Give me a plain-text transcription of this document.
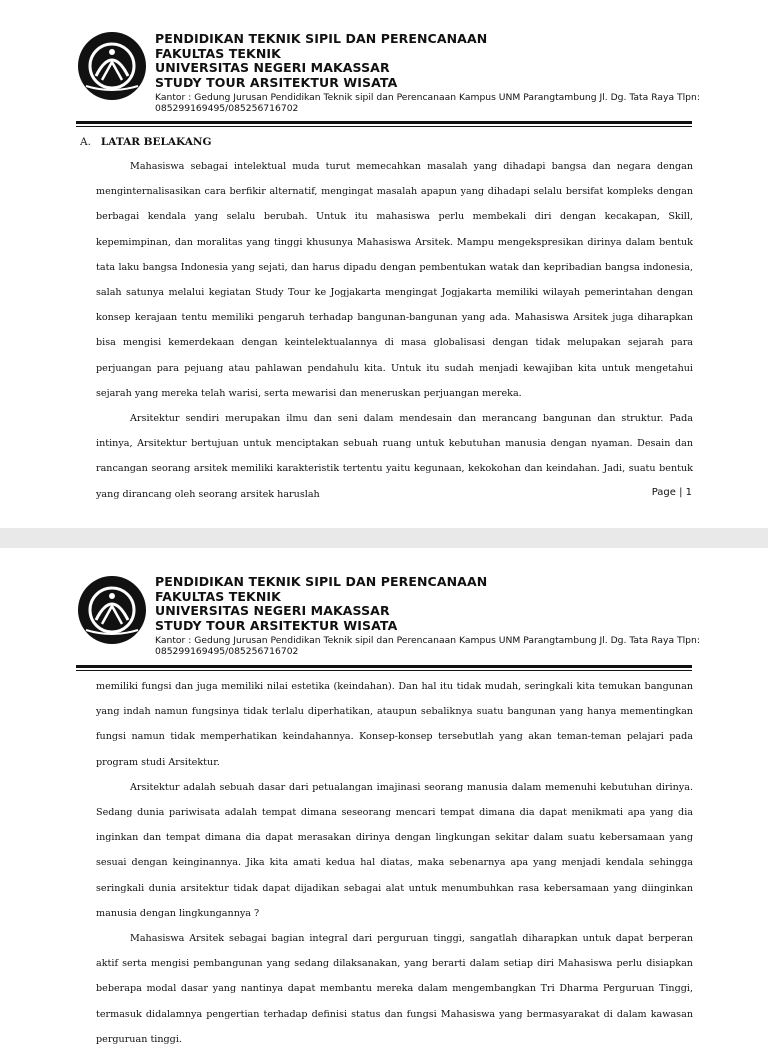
PENDIDIKAN TEKNIK SIPIL DAN PERENCANAAN
FAKULTAS TEKNIK
UNIVERSITAS NEGERI MAKASSAR
STUDY TOUR ARSITEKTUR WISATA
Kantor : Gedung Jurusan Pendidikan Teknik sipil dan Perencanaan Kampus UNM Parangtambung Jl. Dg. Tata Raya Tlpn: 085299169495/085256716702
A. LATAR BELAKANG

Mahasiswa sebagai intelektual muda turut memecahkan masalah yang dihadapi bangsa dan negara dengan menginternalisasikan cara berfikir alternatif, mengingat masalah apapun yang dihadapi selalu bersifat kompleks dengan berbagai kendala yang selalu berubah. Untuk itu mahasiswa perlu membekali diri dengan kecakapan, Skill, kepemimpinan, dan moralitas yang tinggi khusunya Mahasiswa Arsitek. Mampu mengekspresikan dirinya dalam bentuk tata laku bangsa Indonesia yang sejati, dan harus dipadu dengan pembentukan watak dan kepribadian bangsa indonesia, salah satunya melalui kegiatan Study Tour ke Jogjakarta mengingat Jogjakarta memiliki wilayah pemerintahan dengan konsep kerajaan tentu memiliki pengaruh terhadap bangunan-bangunan yang ada. Mahasiswa Arsitek juga diharapkan bisa mengisi kemerdekaan dengan keintelektualannya di masa globalisasi dengan tidak melupakan sejarah para perjuangan para pejuang atau pahlawan pendahulu kita. Untuk itu sudah menjadi kewajiban kita untuk mengetahui sejarah yang mereka telah warisi, serta mewarisi dan meneruskan perjuangan mereka.

Arsitektur sendiri merupakan ilmu dan seni dalam mendesain dan merancang bangunan dan struktur. Pada intinya, Arsitektur bertujuan untuk menciptakan sebuah ruang untuk kebutuhan manusia dengan nyaman. Desain dan rancangan seorang arsitek memiliki karakteristik tertentu yaitu kegunaan, kekokohan dan keindahan. Jadi, suatu bentuk yang dirancang oleh seorang arsitek haruslah	Page | 1
PENDIDIKAN TEKNIK SIPIL DAN PERENCANAAN
FAKULTAS TEKNIK
UNIVERSITAS NEGERI MAKASSAR
STUDY TOUR ARSITEKTUR WISATA
Kantor : Gedung Jurusan Pendidikan Teknik sipil dan Perencanaan Kampus UNM Parangtambung Jl. Dg. Tata Raya Tlpn: 085299169495/085256716702

memiliki fungsi dan juga memiliki nilai estetika (keindahan). Dan hal itu tidak mudah, seringkali kita temukan bangunan yang indah namun fungsinya tidak terlalu diperhatikan, ataupun sebaliknya suatu bangunan yang hanya mementingkan fungsi namun tidak memperhatikan keindahannya. Konsep-konsep tersebutlah yang akan teman-teman pelajari pada program studi Arsitektur.

Arsitektur adalah sebuah dasar dari petualangan imajinasi seorang manusia dalam memenuhi kebutuhan dirinya. Sedang dunia pariwisata adalah tempat dimana seseorang mencari tempat dimana dia dapat menikmati apa yang dia inginkan dan tempat dimana dia dapat merasakan dirinya dengan lingkungan sekitar dalam suatu kebersamaan yang sesuai dengan keinginannya. Jika kita amati kedua hal diatas, maka sebenarnya apa yang menjadi kendala sehingga seringkali dunia arsitektur tidak dapat dijadikan sebagai alat untuk menumbuhkan rasa kebersamaan yang diinginkan manusia dengan lingkungannya ?

Mahasiswa Arsitek sebagai bagian integral dari perguruan tinggi, sangatlah diharapkan untuk dapat berperan aktif serta mengisi pembangunan yang sedang dilaksanakan, yang berarti dalam setiap diri Mahasiswa perlu disiapkan beberapa modal dasar yang nantinya dapat membantu mereka dalam mengembangkan Tri Dharma Perguruan Tinggi, termasuk didalamnya pengertian terhadap definisi status dan fungsi Mahasiswa yang bermasyarakat di dalam kawasan perguruan tinggi.
